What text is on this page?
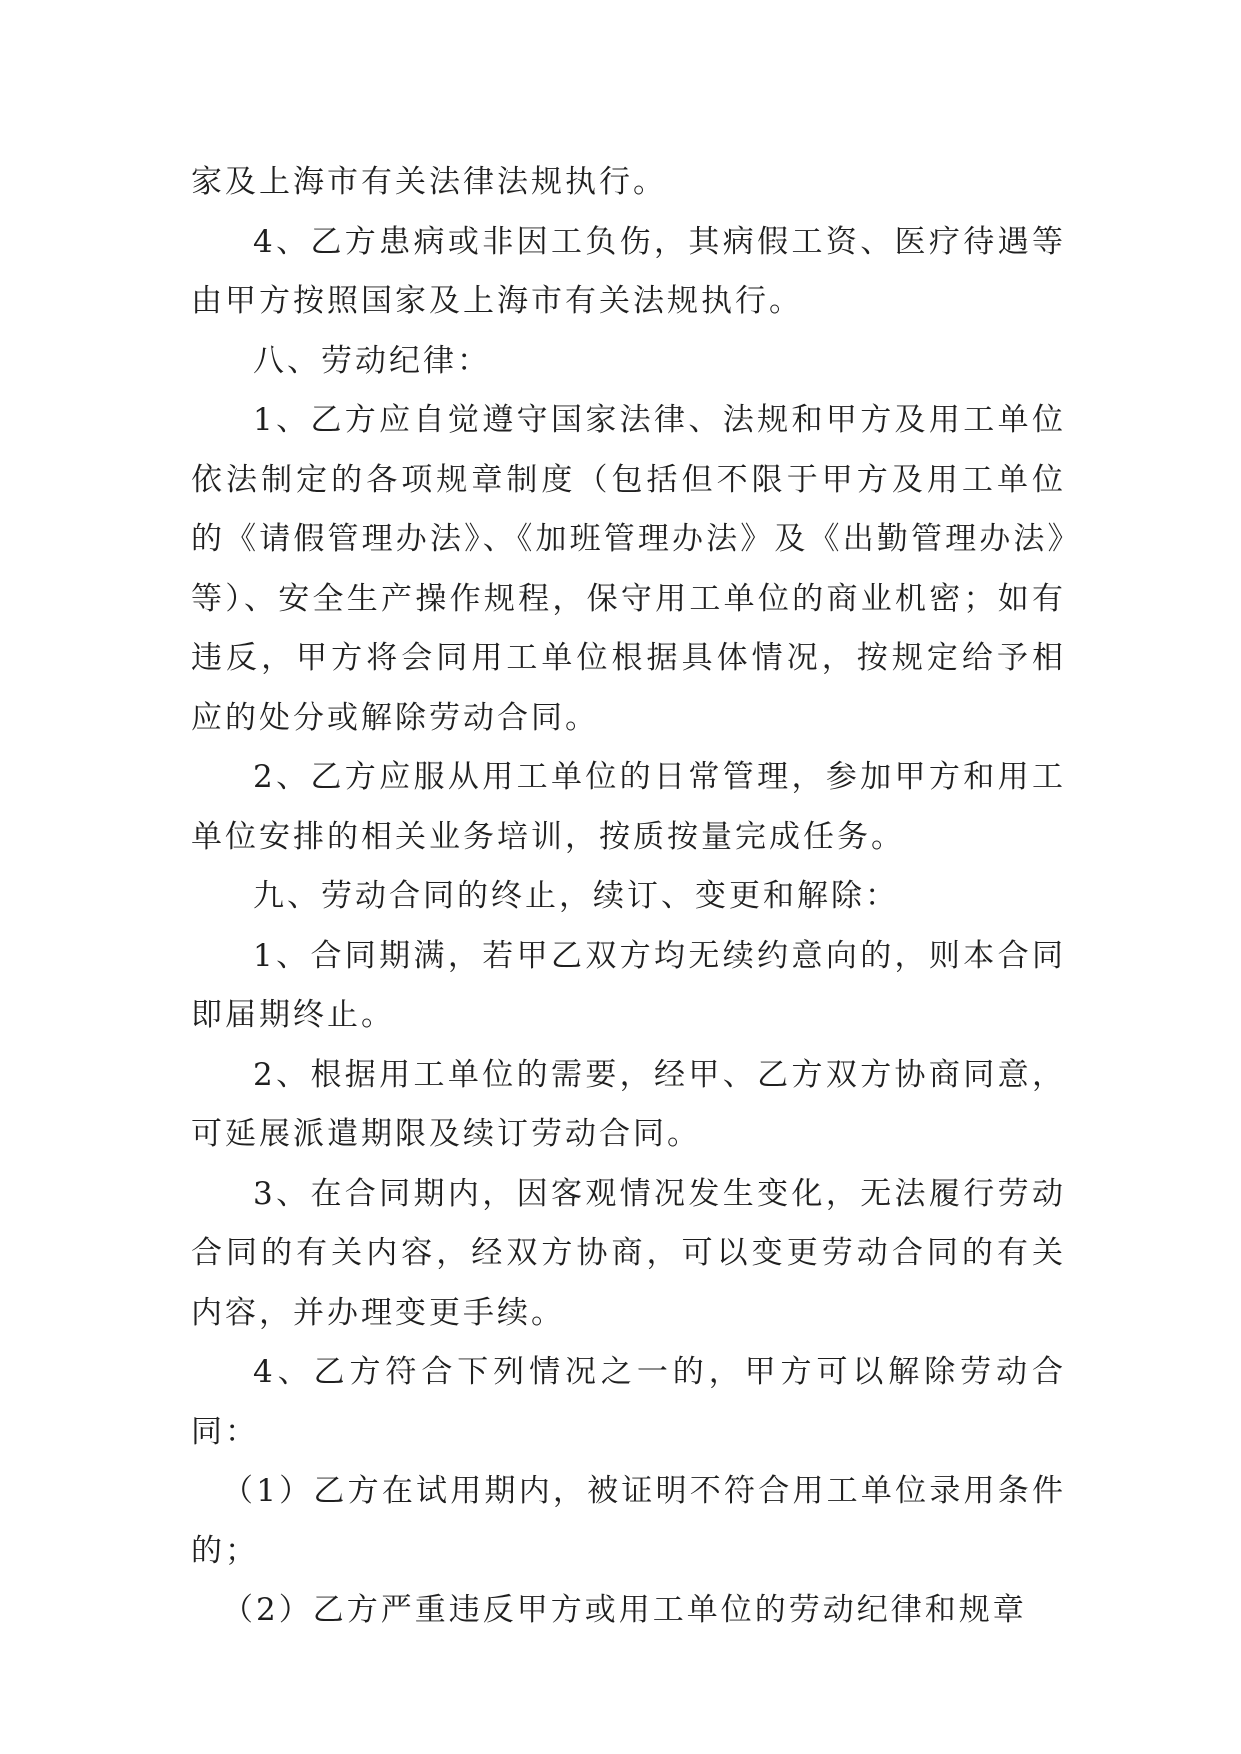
家及上海市有关法律法规执行。

4、乙方患病或非因工负伤，其病假工资、医疗待遇等由甲方按照国家及上海市有关法规执行。

八、劳动纪律：

1、乙方应自觉遵守国家法律、法规和甲方及用工单位依法制定的各项规章制度（包括但不限于甲方及用工单位的《请假管理办法》、《加班管理办法》及《出勤管理办法》等）、安全生产操作规程，保守用工单位的商业机密；如有违反，甲方将会同用工单位根据具体情况，按规定给予相应的处分或解除劳动合同。

2、乙方应服从用工单位的日常管理，参加甲方和用工单位安排的相关业务培训，按质按量完成任务。

九、劳动合同的终止，续订、变更和解除：

1、合同期满，若甲乙双方均无续约意向的，则本合同即届期终止。

2、根据用工单位的需要，经甲、乙方双方协商同意，可延展派遣期限及续订劳动合同。

3、在合同期内，因客观情况发生变化，无法履行劳动合同的有关内容，经双方协商，可以变更劳动合同的有关内容，并办理变更手续。

4、乙方符合下列情况之一的，甲方可以解除劳动合同：

（1）乙方在试用期内，被证明不符合用工单位录用条件的；

（2）乙方严重违反甲方或用工单位的劳动纪律和规章
